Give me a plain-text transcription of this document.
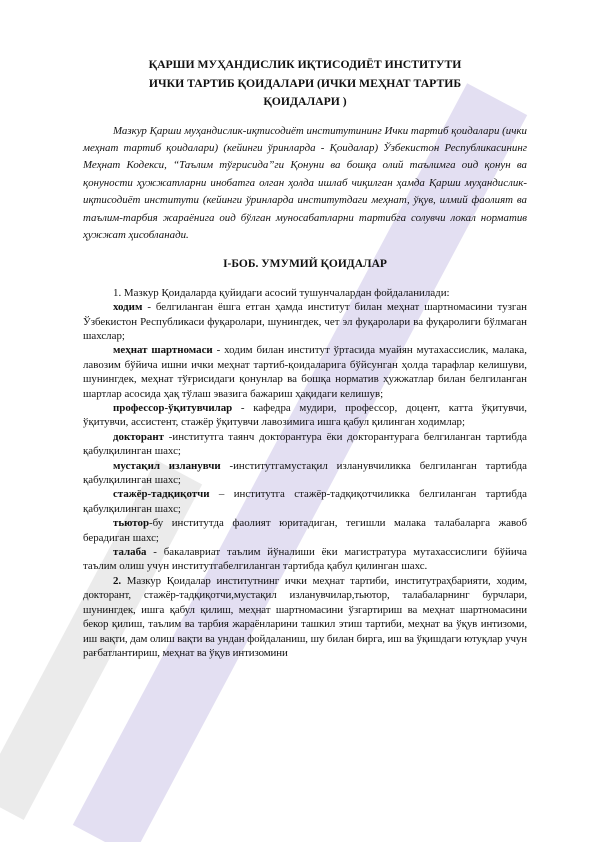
ҚАРШИ МУҲАНДИСЛИК ИҚТИСОДИЁТ ИНСТИТУТИ
ИЧКИ ТАРТИБ ҚОИДАЛАРИ (ИЧКИ МЕҲНАТ ТАРТИБ
ҚОИДАЛАРИ )

Мазкур Қарши муҳандислик-иқтисодиёт институтининг Ички тартиб қоидалари (ички меҳнат тартиб қоидалари) (кейинги ўринларда - Қоидалар) Ўзбекистон Республикасининг Меҳнат Кодекси, “Таълим тўғрисида”ги Қонуни ва бошқа олий таълимга оид қонун ва қонуности ҳужжатларни инобатга олган ҳолда ишлаб чиқилган ҳамда Қарши муҳандислик-иқтисодиёт институти (кейинги ўринларда институтдаги меҳнат, ўқув, илмий фаолият ва таълим-тарбия жараёнига оид бўлган муносабатларни тартибга солувчи локал норматив ҳужжат ҳисобланади.

I-БОБ. УМУМИЙ ҚОИДАЛАР

1. Мазкур Қоидаларда қуйидаги асосий тушунчалардан фойдаланилади:

ходим - белгиланган ёшга етган ҳамда институт билан меҳнат шартномасини тузган Ўзбекистон Республикаси фуқаролари, шунингдек, чет эл фуқаролари ва фуқаролиги бўлмаган шахслар;

меҳнат шартномаси - ходим билан институт ўртасида муайян мутахассислик, малака, лавозим бўйича ишни ички меҳнат тартиб-қоидаларига бўйсунган ҳолда тарафлар келишуви, шунингдек, меҳнат тўғрисидаги қонунлар ва бошқа норматив ҳужжатлар билан белгиланган шартлар асосида ҳақ тўлаш эвазига бажариш ҳақидаги келишув;

профессор-ўқитувчилар - кафедра мудири, профессор, доцент, катта ўқитувчи, ўқитувчи, ассистент, стажёр ўқитувчи лавозимига ишга қабул қилинган ходимлар;

докторант -институтга таянч докторантура ёки докторантурага белгиланган тартибда қабулқилинган шахс;

мустақил изланувчи -институтгамустақил изланувчиликка белгиланган тартибда қабулқилинган шахс;

стажёр-тадқиқотчи – институтга стажёр-тадқиқотчиликка белгиланган тартибда қабулқилинган шахс;

тьютор-бу институтда фаолият юритадиган, тегишли малака талабаларга жавоб берадиган шахс;

талаба - бакалавриат таълим йўналиши ёки магистратура мутахассислиги бўйича таълим олиш учун институтгабелгиланган тартибда қабул қилинган шахс.

2. Мазкур Қоидалар институтнинг ички меҳнат тартиби, институтраҳбарияти, ходим, докторант, стажёр-тадқиқотчи,мустақил изланувчилар,тьютор, талабаларнинг бурчлари, шунингдек, ишга қабул қилиш, меҳнат шартномасини ўзгартириш ва меҳнат шартномасини бекор қилиш, таълим ва тарбия жараёнларини ташкил этиш тартиби, меҳнат ва ўқув интизоми, иш вақти, дам олиш вақти ва ундан фойдаланиш, шу билан бирга, иш ва ўқишдаги ютуқлар учун рағбатлантириш, меҳнат ва ўқув интизомини
